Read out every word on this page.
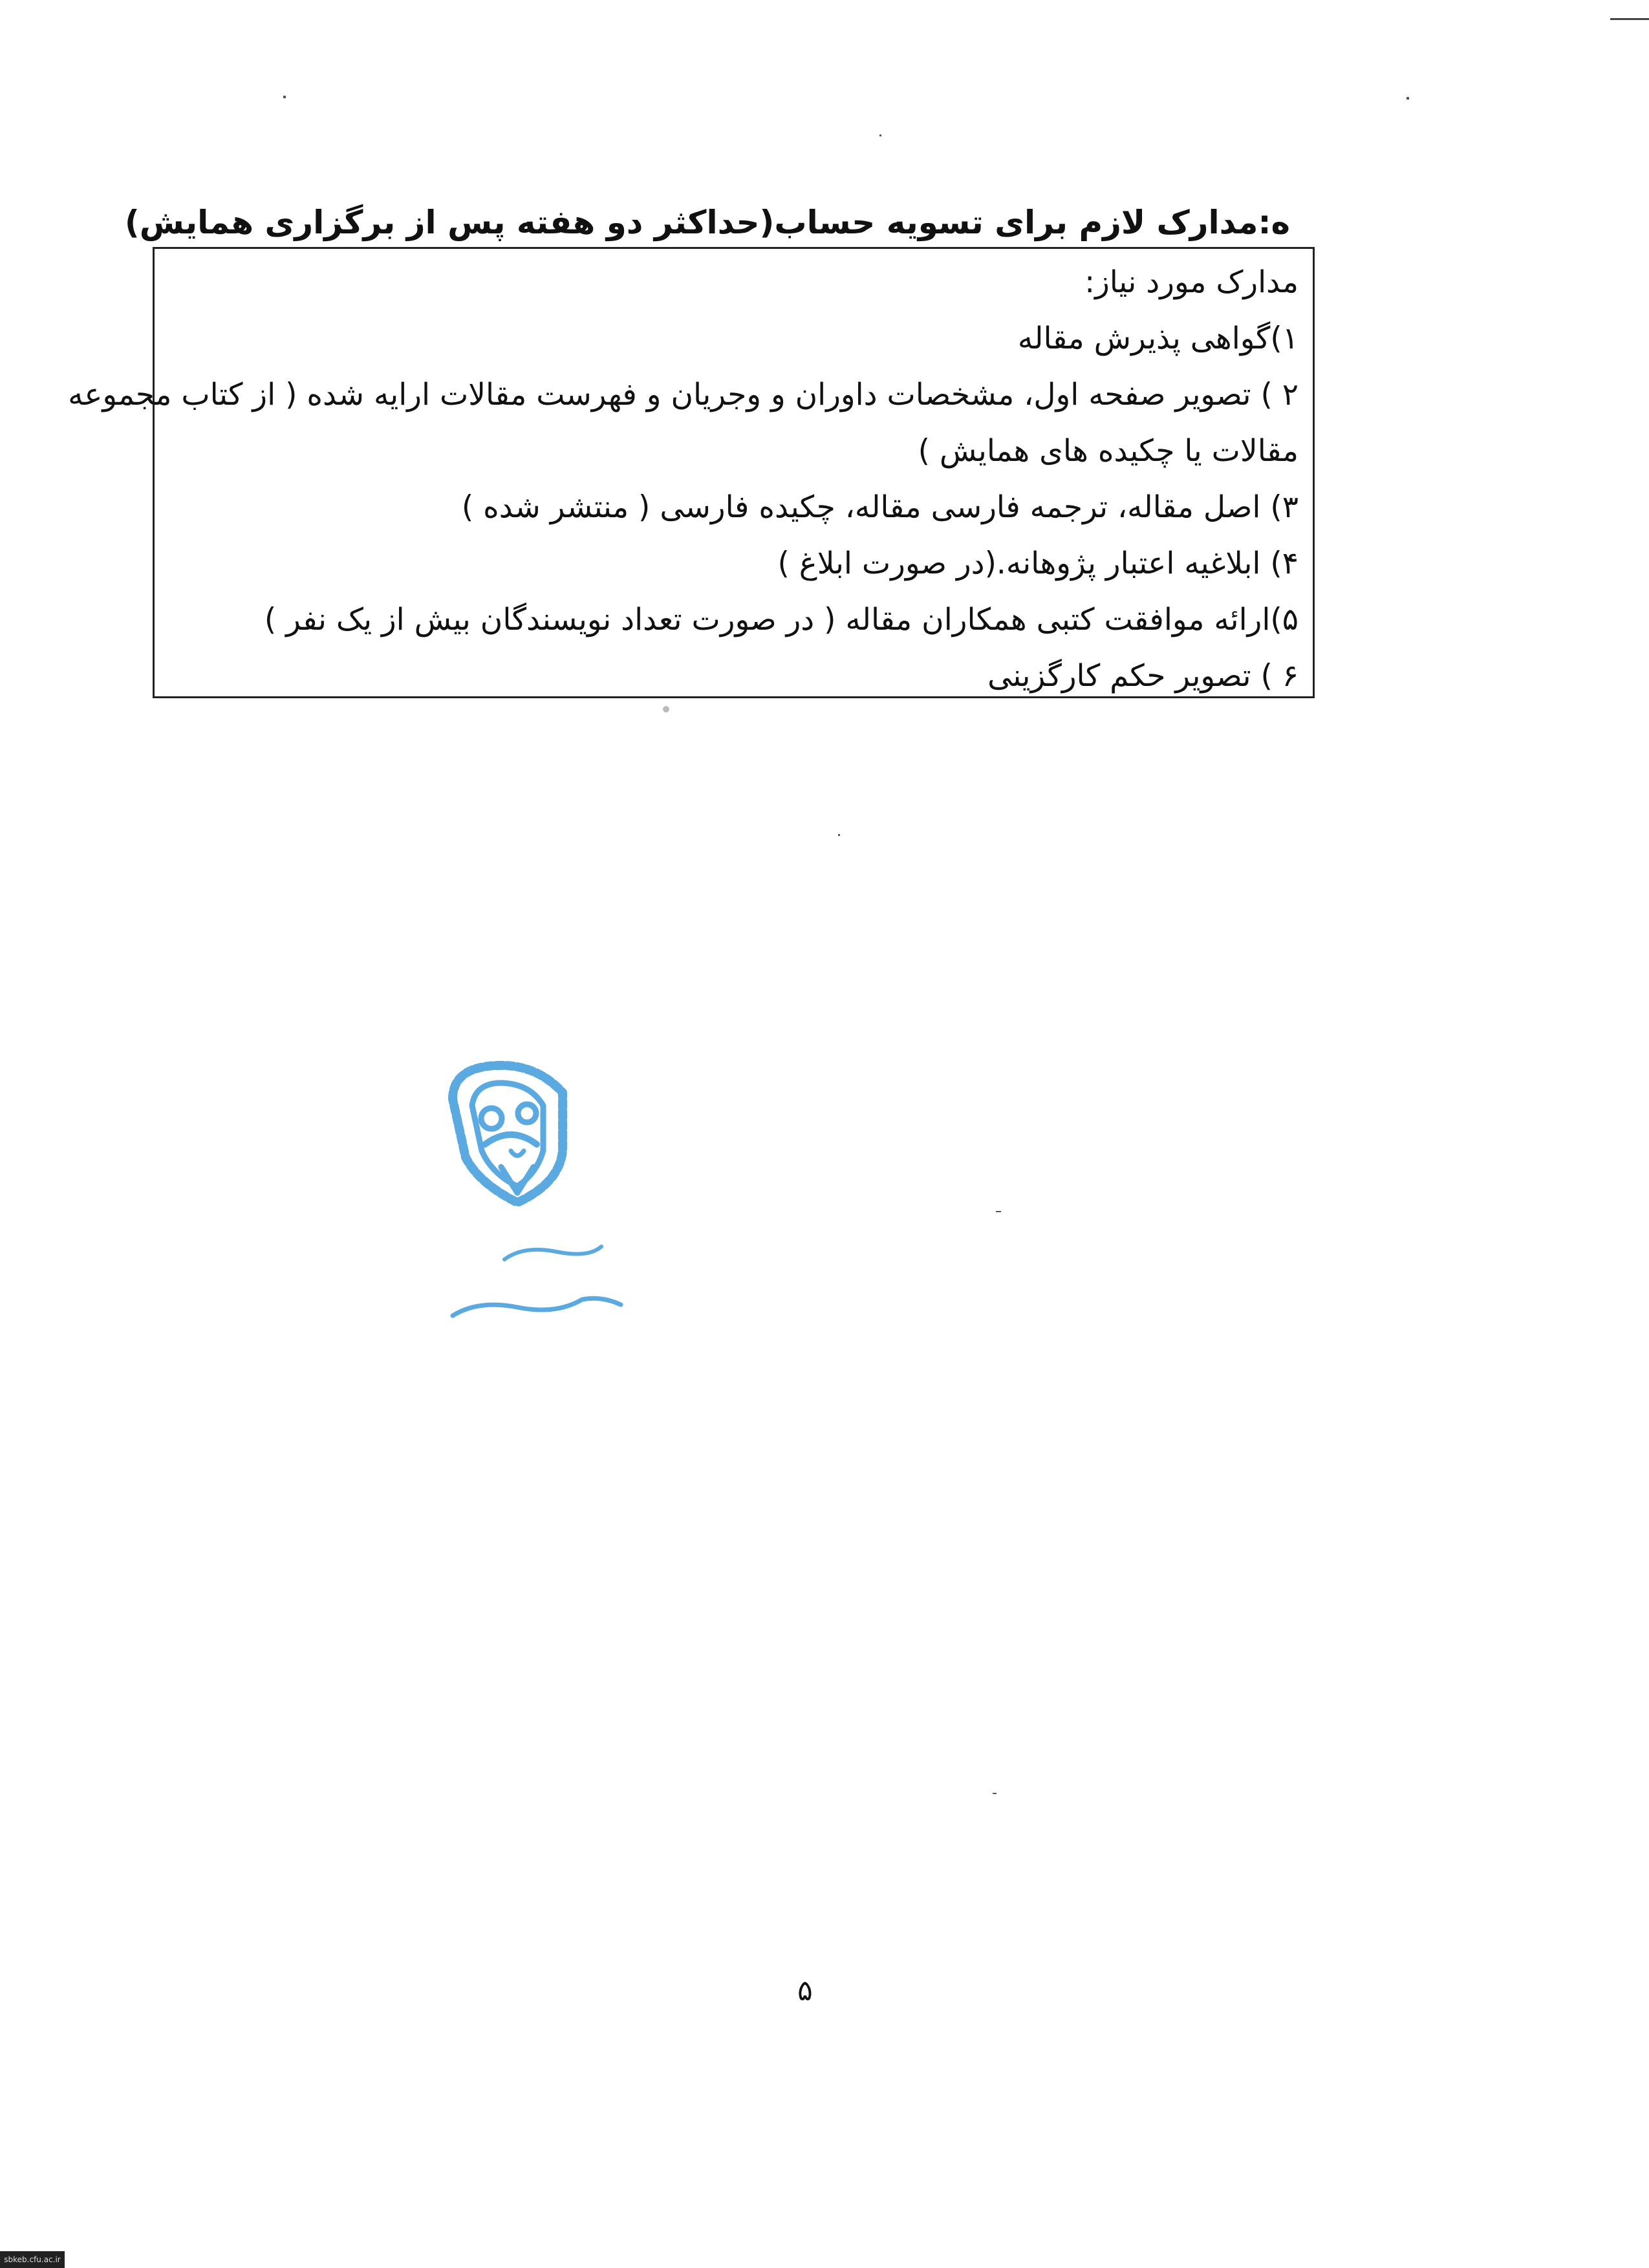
ه:مدارک لازم برای تسویه حساب(حداکثر دو هفته پس از برگزاری همایش)
مدارک مورد نیاز:
۱)گواهی پذیرش مقاله
۲ ) تصویر صفحه اول، مشخصات داوران و وجریان و فهرست مقالات ارایه شده ( از کتاب مجموعه
مقالات یا چکیده های همایش )
۳) اصل مقاله، ترجمه فارسی مقاله، چکیده فارسی ( منتشر شده )
۴) ابلاغیه اعتبار پژوهانه.(در صورت ابلاغ )
۵)ارائه موافقت کتبی همکاران مقاله ( در صورت تعداد نویسندگان بیش از یک نفر )
۶ ) تصویر حکم کارگزینی
۵
sbkeb.cfu.ac.ir
